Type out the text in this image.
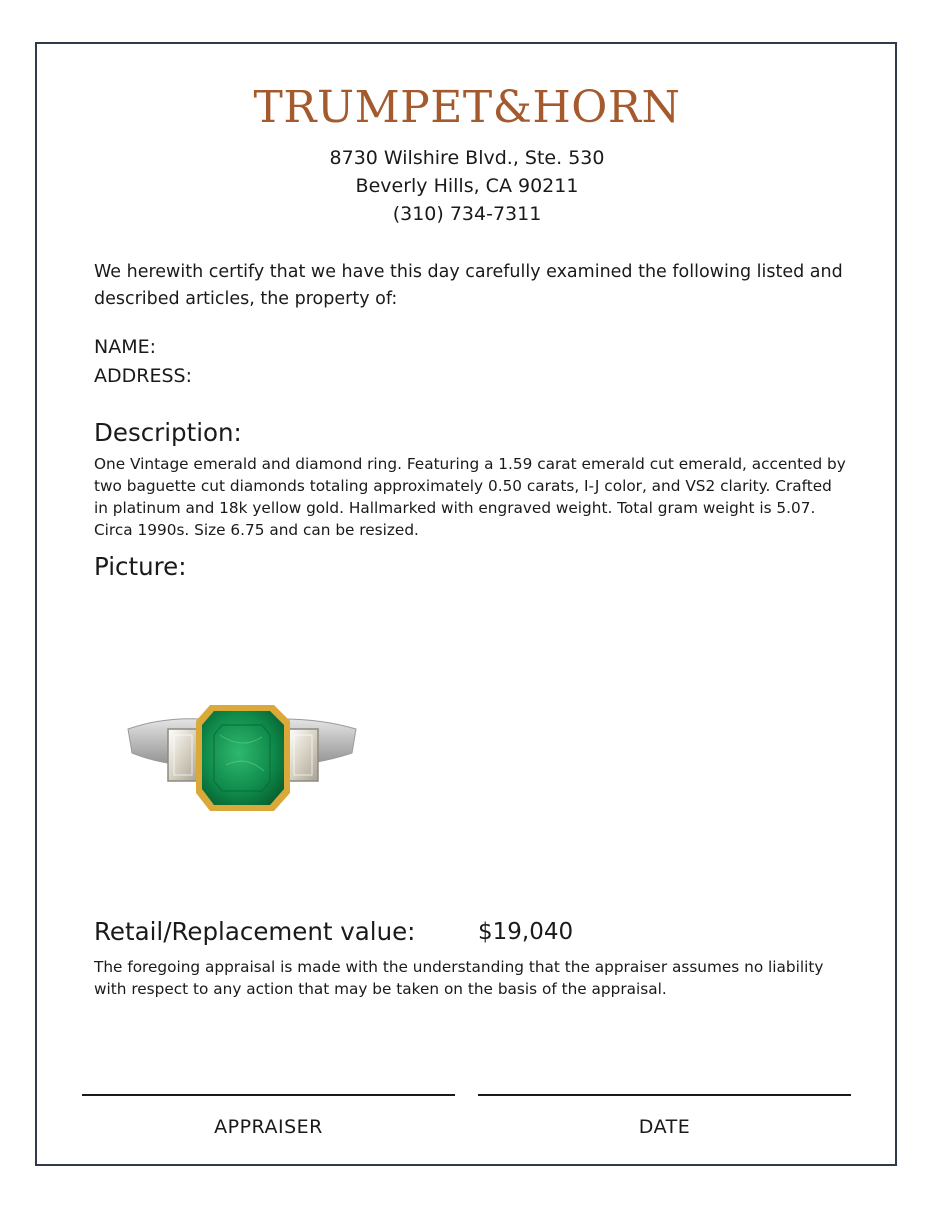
TRUMPET&HORN
8730 Wilshire Blvd., Ste. 530
Beverly Hills, CA 90211
(310) 734-7311
We herewith certify that we have this day carefully examined the following listed and described articles, the property of:
NAME:
ADDRESS:
Description:
One Vintage emerald and diamond ring. Featuring a 1.59 carat emerald cut emerald, accented by two baguette cut diamonds totaling approximately 0.50 carats, I-J color, and VS2 clarity. Crafted in platinum and 18k yellow gold. Hallmarked with engraved weight. Total gram weight is 5.07. Circa 1990s. Size 6.75 and can be resized.
Picture:
Retail/Replacement value:	$19,040
The foregoing appraisal is made with the understanding that the appraiser assumes no liability with respect to any action that may be taken on the basis of the appraisal.
APPRAISER	DATE
